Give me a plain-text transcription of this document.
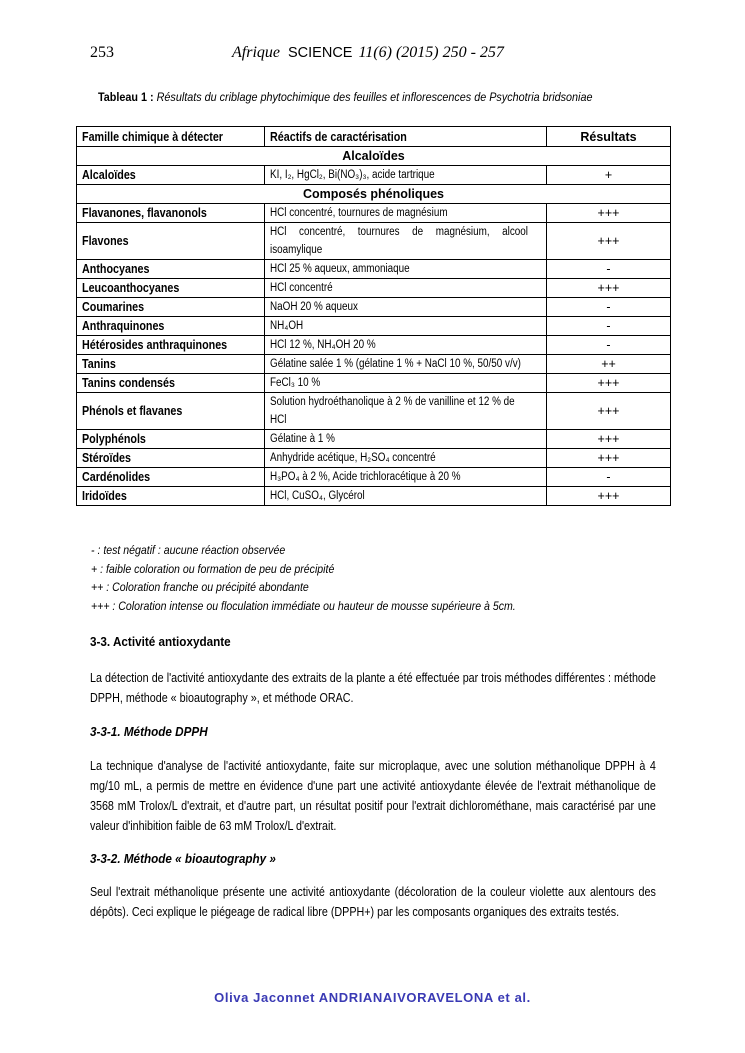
253	Afrique SCIENCE 11(6) (2015) 250 - 257
Tableau 1 : Résultats du criblage phytochimique des feuilles et inflorescences de Psychotria bridsoniae
Famille chimique à détecter	Réactifs de caractérisation	Résultats
Alcaloïdes		
Alcaloïdes	KI, I₂, HgCl₂, Bi(NO₃)₃, acide tartrique	+
Composés phénoliques		
Flavanones, flavanonols	HCl concentré, tournures de magnésium	+++
Flavones	HCl concentré, tournures de magnésium, alcool isoamylique	+++
Anthocyanes	HCl 25 % aqueux, ammoniaque	-
Leucoanthocyanes	HCl concentré	+++
Coumarines	NaOH 20 % aqueux	-
Anthraquinones	NH₄OH	-
Hétérosides anthraquinones	HCl 12 %, NH₄OH 20 %	-
Tanins	Gélatine salée 1 % (gélatine 1 % + NaCl 10 %, 50/50 v/v)	++
Tanins condensés	FeCl₃ 10 %	+++
Phénols et flavanes	Solution hydroéthanolique à 2 % de vanilline et 12 % de HCl	+++
Polyphénols	Gélatine à 1 %	+++
Stéroïdes	Anhydride acétique, H₂SO₄ concentré	+++
Cardénolides	H₃PO₄ à 2 %, Acide trichloracétique à 20 %	-
Iridoïdes	HCl, CuSO₄, Glycérol	+++
- : test négatif : aucune réaction observée
+ : faible coloration ou formation de peu de précipité
++ : Coloration franche ou précipité abondante
+++ : Coloration intense ou floculation immédiate ou hauteur de mousse supérieure à 5cm.
3-3. Activité antioxydante
La détection de l'activité antioxydante des extraits de la plante a été effectuée par trois méthodes différentes : méthode DPPH, méthode « bioautography », et méthode ORAC.
3-3-1. Méthode DPPH
La technique d'analyse de l'activité antioxydante, faite sur microplaque, avec une solution méthanolique DPPH à 4 mg/10 mL, a permis de mettre en évidence d'une part une activité antioxydante élevée de l'extrait méthanolique de 3568 mM Trolox/L d'extrait, et d'autre part, un résultat positif pour l'extrait dichlorométhane, mais caractérisé par une valeur d'inhibition faible de 63 mM Trolox/L d'extrait.
3-3-2. Méthode « bioautography »
Seul l'extrait méthanolique présente une activité antioxydante (décoloration de la couleur violette aux alentours des dépôts). Ceci explique le piégeage de radical libre (DPPH+) par les composants organiques des extraits testés.
Oliva Jaconnet ANDRIANAIVORAVELONA et al.
